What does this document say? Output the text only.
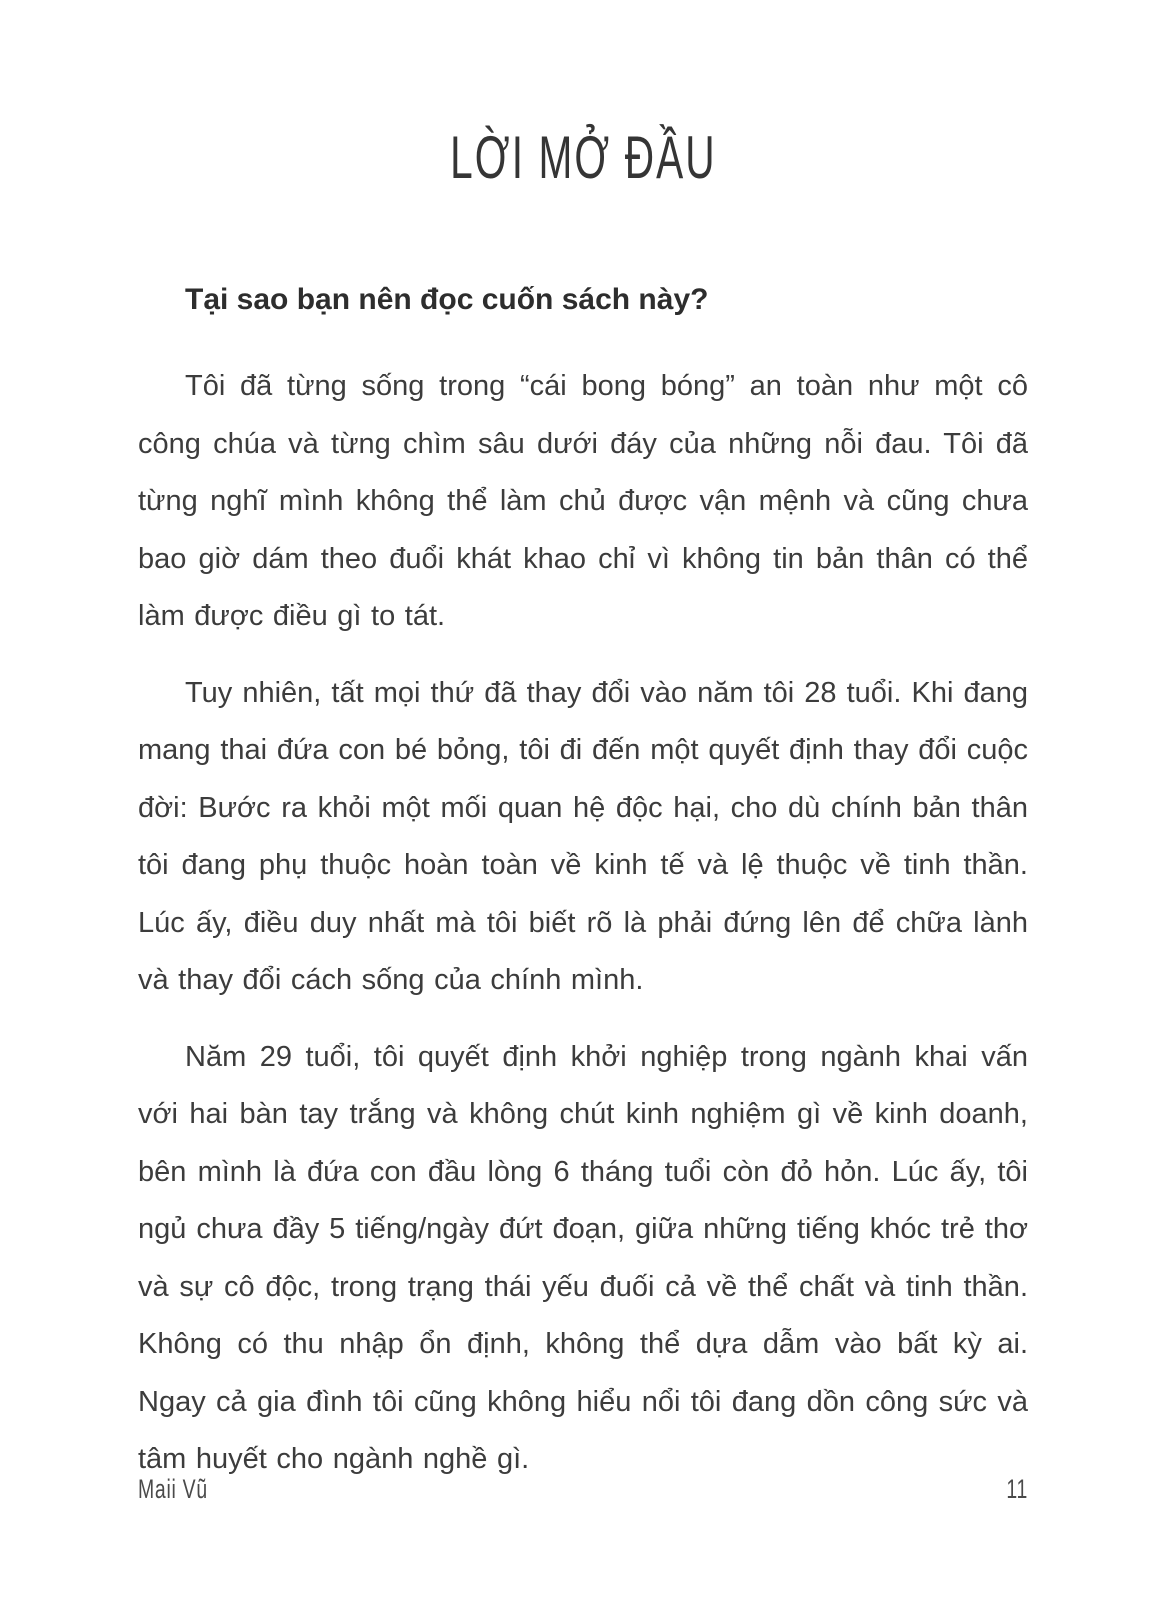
LỜI MỞ ĐẦU
Tại sao bạn nên đọc cuốn sách này?

Tôi đã từng sống trong “cái bong bóng” an toàn như một cô công chúa và từng chìm sâu dưới đáy của những nỗi đau. Tôi đã từng nghĩ mình không thể làm chủ được vận mệnh và cũng chưa bao giờ dám theo đuổi khát khao chỉ vì không tin bản thân có thể làm được điều gì to tát.

Tuy nhiên, tất mọi thứ đã thay đổi vào năm tôi 28 tuổi. Khi đang mang thai đứa con bé bỏng, tôi đi đến một quyết định thay đổi cuộc đời: Bước ra khỏi một mối quan hệ độc hại, cho dù chính bản thân tôi đang phụ thuộc hoàn toàn về kinh tế và lệ thuộc về tinh thần. Lúc ấy, điều duy nhất mà tôi biết rõ là phải đứng lên để chữa lành và thay đổi cách sống của chính mình.

Năm 29 tuổi, tôi quyết định khởi nghiệp trong ngành khai vấn với hai bàn tay trắng và không chút kinh nghiệm gì về kinh doanh, bên mình là đứa con đầu lòng 6 tháng tuổi còn đỏ hỏn. Lúc ấy, tôi ngủ chưa đầy 5 tiếng/ngày đứt đoạn, giữa những tiếng khóc trẻ thơ và sự cô độc, trong trạng thái yếu đuối cả về thể chất và tinh thần. Không có thu nhập ổn định, không thể dựa dẫm vào bất kỳ ai. Ngay cả gia đình tôi cũng không hiểu nổi tôi đang dồn công sức và tâm huyết cho ngành nghề gì.

Maii Vũ	11
